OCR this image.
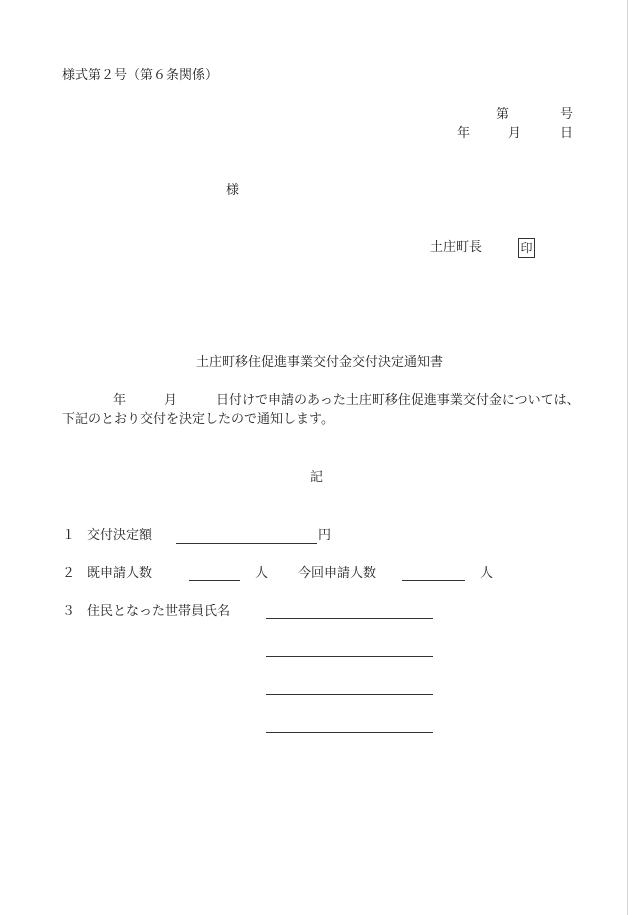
様式第２号（第６条関係）
第	号
年	月	日
様
土庄町長	印
土庄町移住促進事業交付金交付決定通知書
年	月	日付けで申請のあった土庄町移住促進事業交付金については、
下記のとおり交付を決定したので通知します。
記
１ 交付決定額	円
２ 既申請人数	人 今回申請人数	人
３ 住民となった世帯員氏名
